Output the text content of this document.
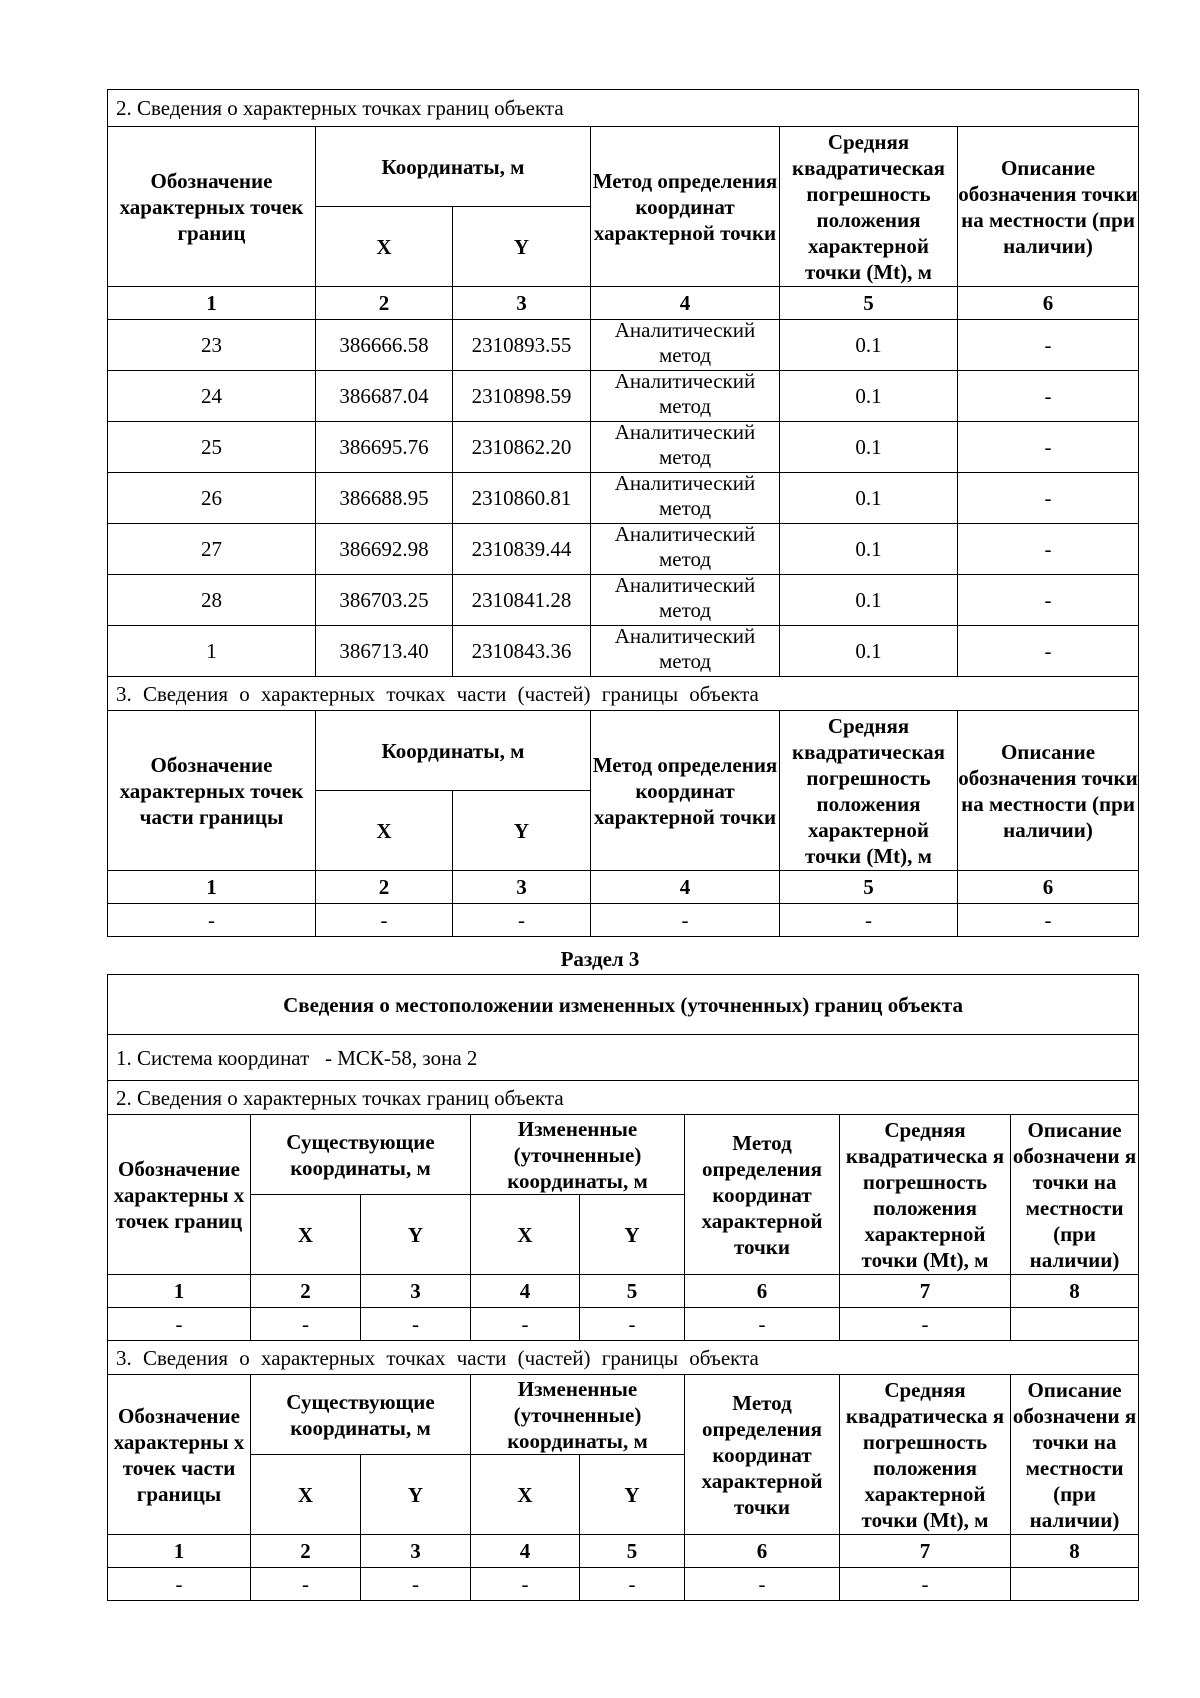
2. Сведения о характерных точках границ объекта					
Обозначение характерных точек границ	Координаты, м		Метод определения координат характерной точки	Средняя квадратическая погрешность положения характерной точки (Mt), м	Описание обозначения точки на местности (при наличии)
	X	Y			
1	2	3	4	5	6
23	386666.58	2310893.55	Аналитический метод	0.1	-
24	386687.04	2310898.59	Аналитический метод	0.1	-
25	386695.76	2310862.20	Аналитический метод	0.1	-
26	386688.95	2310860.81	Аналитический метод	0.1	-
27	386692.98	2310839.44	Аналитический метод	0.1	-
28	386703.25	2310841.28	Аналитический метод	0.1	-
1	386713.40	2310843.36	Аналитический метод	0.1	-
3. Сведения о характерных точках части (частей) границы объекта					
Обозначение характерных точек части границы	Координаты, м		Метод определения координат характерной точки	Средняя квадратическая погрешность положения характерной точки (Mt), м	Описание обозначения точки на местности (при наличии)
	X	Y			
1	2	3	4	5	6
-	-	-	-	-	-
Раздел 3
Сведения о местоположении измененных (уточненных) границ объекта							
1. Система координат   - МСК-58, зона 2							
2. Сведения о характерных точках границ объекта							
Обозначение характерны х точек границ	Существующие координаты, м		Измененные (уточненные) координаты, м		Метод определения координат характерной точки	Средняя квадратическа я погрешность положения характерной точки (Mt), м	Описание обозначени я точки на местности (при наличии)
	X	Y	X	Y			
1	2	3	4	5	6	7	8
-	-	-	-	-	-	-	
3. Сведения о характерных точках части (частей) границы объекта							
Обозначение характерны х точек части границы	Существующие координаты, м		Измененные (уточненные) координаты, м		Метод определения координат характерной точки	Средняя квадратическа я погрешность положения характерной точки (Mt), м	Описание обозначени я точки на местности (при наличии)
	X	Y	X	Y			
1	2	3	4	5	6	7	8
-	-	-	-	-	-	-	
